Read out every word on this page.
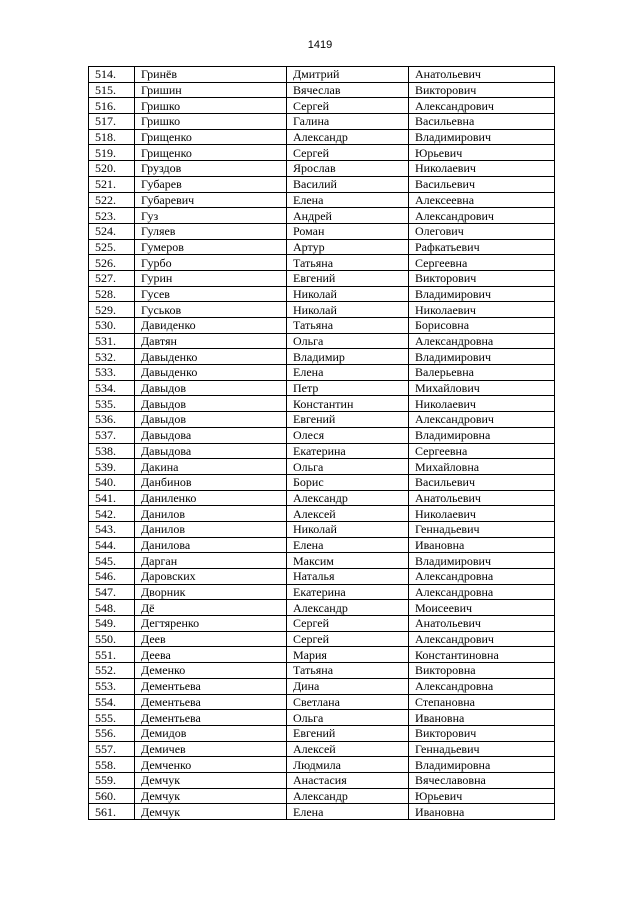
1419
514.	Гринёв	Дмитрий	Анатольевич
515.	Гришин	Вячеслав	Викторович
516.	Гришко	Сергей	Александрович
517.	Гришко	Галина	Васильевна
518.	Грищенко	Александр	Владимирович
519.	Грищенко	Сергей	Юрьевич
520.	Груздов	Ярослав	Николаевич
521.	Губарев	Василий	Васильевич
522.	Губаревич	Елена	Алексеевна
523.	Гуз	Андрей	Александрович
524.	Гуляев	Роман	Олегович
525.	Гумеров	Артур	Рафкатьевич
526.	Гурбо	Татьяна	Сергеевна
527.	Гурин	Евгений	Викторович
528.	Гусев	Николай	Владимирович
529.	Гуськов	Николай	Николаевич
530.	Давиденко	Татьяна	Борисовна
531.	Давтян	Ольга	Александровна
532.	Давыденко	Владимир	Владимирович
533.	Давыденко	Елена	Валерьевна
534.	Давыдов	Петр	Михайлович
535.	Давыдов	Константин	Николаевич
536.	Давыдов	Евгений	Александрович
537.	Давыдова	Олеся	Владимировна
538.	Давыдова	Екатерина	Сергеевна
539.	Дакина	Ольга	Михайловна
540.	Данбинов	Борис	Васильевич
541.	Даниленко	Александр	Анатольевич
542.	Данилов	Алексей	Николаевич
543.	Данилов	Николай	Геннадьевич
544.	Данилова	Елена	Ивановна
545.	Дарган	Максим	Владимирович
546.	Даровских	Наталья	Александровна
547.	Дворник	Екатерина	Александровна
548.	Дё	Александр	Моисеевич
549.	Дегтяренко	Сергей	Анатольевич
550.	Деев	Сергей	Александрович
551.	Деева	Мария	Константиновна
552.	Деменко	Татьяна	Викторовна
553.	Дементьева	Дина	Александровна
554.	Дементьева	Светлана	Степановна
555.	Дементьева	Ольга	Ивановна
556.	Демидов	Евгений	Викторович
557.	Демичев	Алексей	Геннадьевич
558.	Демченко	Людмила	Владимировна
559.	Демчук	Анастасия	Вячеславовна
560.	Демчук	Александр	Юрьевич
561.	Демчук	Елена	Ивановна
